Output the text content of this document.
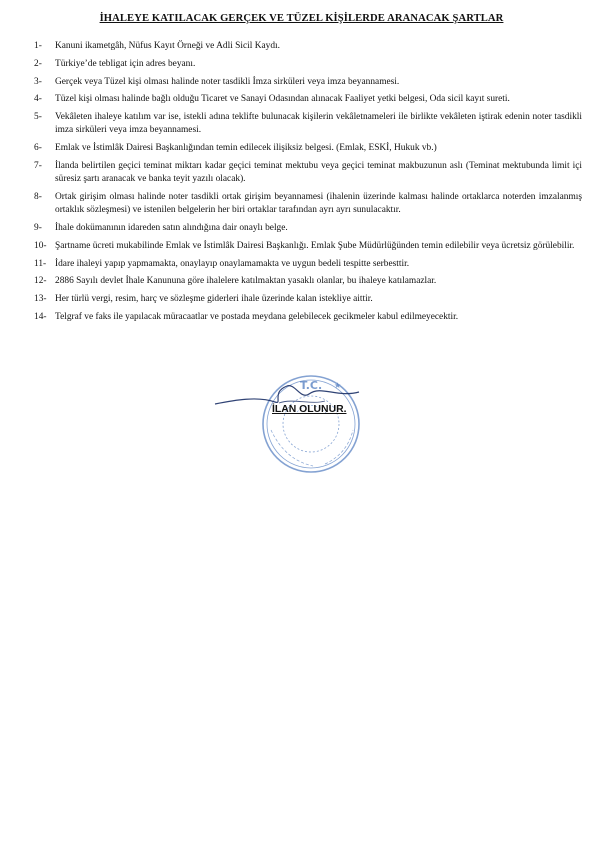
İHALEYE KATILACAK GERÇEK VE TÜZEL KİŞİLERDE ARANACAK ŞARTLAR
1-	Kanuni ikametgâh, Nüfus Kayıt Örneği ve Adli Sicil Kaydı.
2-	Türkiye’de tebligat için adres beyanı.
3-	Gerçek veya Tüzel kişi olması halinde noter tasdikli İmza sirküleri veya imza beyannamesi.
4-	Tüzel kişi olması halinde bağlı olduğu Ticaret ve Sanayi Odasından alınacak Faaliyet yetki belgesi, Oda sicil kayıt sureti.
5-	Vekâleten ihaleye katılım var ise, istekli adına teklifte bulunacak kişilerin vekâletnameleri ile birlikte vekâleten iştirak edenin noter tasdikli imza sirküleri veya imza beyannamesi.
6-	Emlak ve İstimlâk Dairesi Başkanlığından temin edilecek ilişiksiz belgesi. (Emlak, ESKİ, Hukuk vb.)
7-	İlanda belirtilen geçici teminat miktarı kadar geçici teminat mektubu veya geçici teminat makbuzunun aslı (Teminat mektubunda limit içi süresiz şartı aranacak ve banka teyit yazılı olacak).
8-	Ortak girişim olması halinde noter tasdikli ortak girişim beyannamesi (ihalenin üzerinde kalması halinde ortaklarca noterden imzalanmış ortaklık sözleşmesi) ve istenilen belgelerin her biri ortaklar tarafından ayrı ayrı sunulacaktır.
9-	İhale dokümanının idareden satın alındığına dair onaylı belge.
10- Şartname ücreti mukabilinde Emlak ve İstimlâk Dairesi Başkanlığı. Emlak Şube Müdürlüğünden temin edilebilir veya ücretsiz görülebilir.
11- İdare ihaleyi yapıp yapmamakta, onaylayıp onaylamamakta ve uygun bedeli tespitte serbesttir.
12- 2886 Sayılı devlet İhale Kanununa göre ihalelere katılmaktan yasaklı olanlar, bu ihaleye katılamazlar.
13- Her türlü vergi, resim, harç ve sözleşme giderleri ihale üzerinde kalan istekliye aittir.
14- Telgraf ve faks ile yapılacak müracaatlar ve postada meydana gelebilecek gecikmeler kabul edilmeyecektir.
T.C. ★
İLAN OLUNUR.
